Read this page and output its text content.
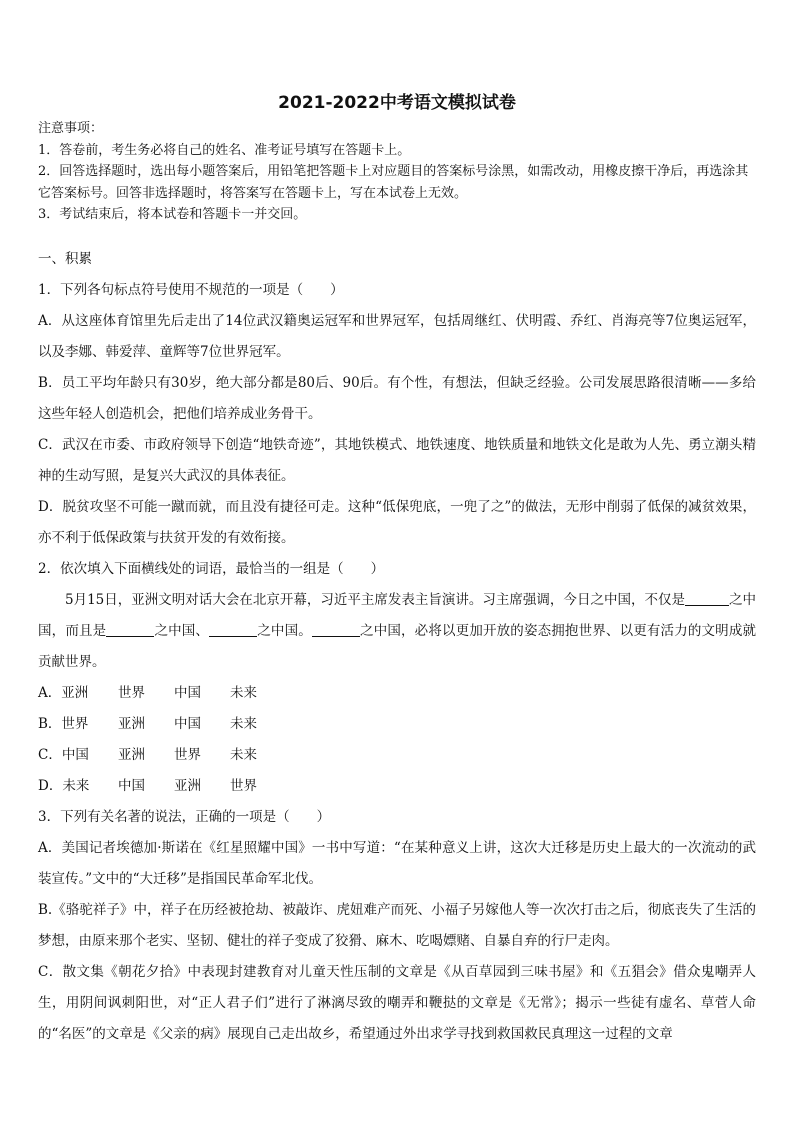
2021-2022中考语文模拟试卷

注意事项：

1．答卷前，考生务必将自己的姓名、准考证号填写在答题卡上。

2．回答选择题时，选出每小题答案后，用铅笔把答题卡上对应题目的答案标号涂黑，如需改动，用橡皮擦干净后，再选涂其它答案标号。回答非选择题时，将答案写在答题卡上，写在本试卷上无效。

3．考试结束后，将本试卷和答题卡一并交回。

一、积累

1．下列各句标点符号使用不规范的一项是（　　）

A．从这座体育馆里先后走出了14位武汉籍奥运冠军和世界冠军，包括周继红、伏明霞、乔红、肖海亮等7位奥运冠军，以及李娜、韩爱萍、童辉等7位世界冠军。

B．员工平均年龄只有30岁，绝大部分都是80后、90后。有个性，有想法，但缺乏经验。公司发展思路很清晰——多给这些年轻人创造机会，把他们培养成业务骨干。

C．武汉在市委、市政府领导下创造“地铁奇迹”，其地铁模式、地铁速度、地铁质量和地铁文化是敢为人先、勇立潮头精神的生动写照，是复兴大武汉的具体表征。

D．脱贫攻坚不可能一蹴而就，而且没有捷径可走。这种“低保兜底，一兜了之”的做法，无形中削弱了低保的减贫效果，亦不利于低保政策与扶贫开发的有效衔接。

2．依次填入下面横线处的词语，最恰当的一组是（　　）

5月15日，亚洲文明对话大会在北京开幕，习近平主席发表主旨演讲。习主席强调，今日之中国，不仅是	之中国，而且是	之中国、	之中国。	之中国，必将以更加开放的姿态拥抱世界、以更有活力的文明成就贡献世界。

A．亚洲	世界	中国	未来

B．世界	亚洲	中国	未来

C．中国	亚洲	世界	未来

D．未来	中国	亚洲	世界

3．下列有关名著的说法，正确的一项是（　　）

A．美国记者埃德加·斯诺在《红星照耀中国》一书中写道：“在某种意义上讲，这次大迁移是历史上最大的一次流动的武装宣传。”文中的“大迁移”是指国民革命军北伐。

B.《骆驼祥子》中，祥子在历经被抢劫、被敲诈、虎妞难产而死、小福子另嫁他人等一次次打击之后，彻底丧失了生活的梦想，由原来那个老实、坚韧、健壮的祥子变成了狡猾、麻木、吃喝嫖赌、自暴自弃的行尸走肉。

C．散文集《朝花夕拾》中表现封建教育对儿童天性压制的文章是《从百草园到三味书屋》和《五猖会》借众鬼嘲弄人生，用阴间讽刺阳世，对“正人君子们”进行了淋漓尽致的嘲弄和鞭挞的文章是《无常》；揭示一些徒有虚名、草菅人命的“名医”的文章是《父亲的病》展现自己走出故乡，希望通过外出求学寻找到救国救民真理这一过程的文章
